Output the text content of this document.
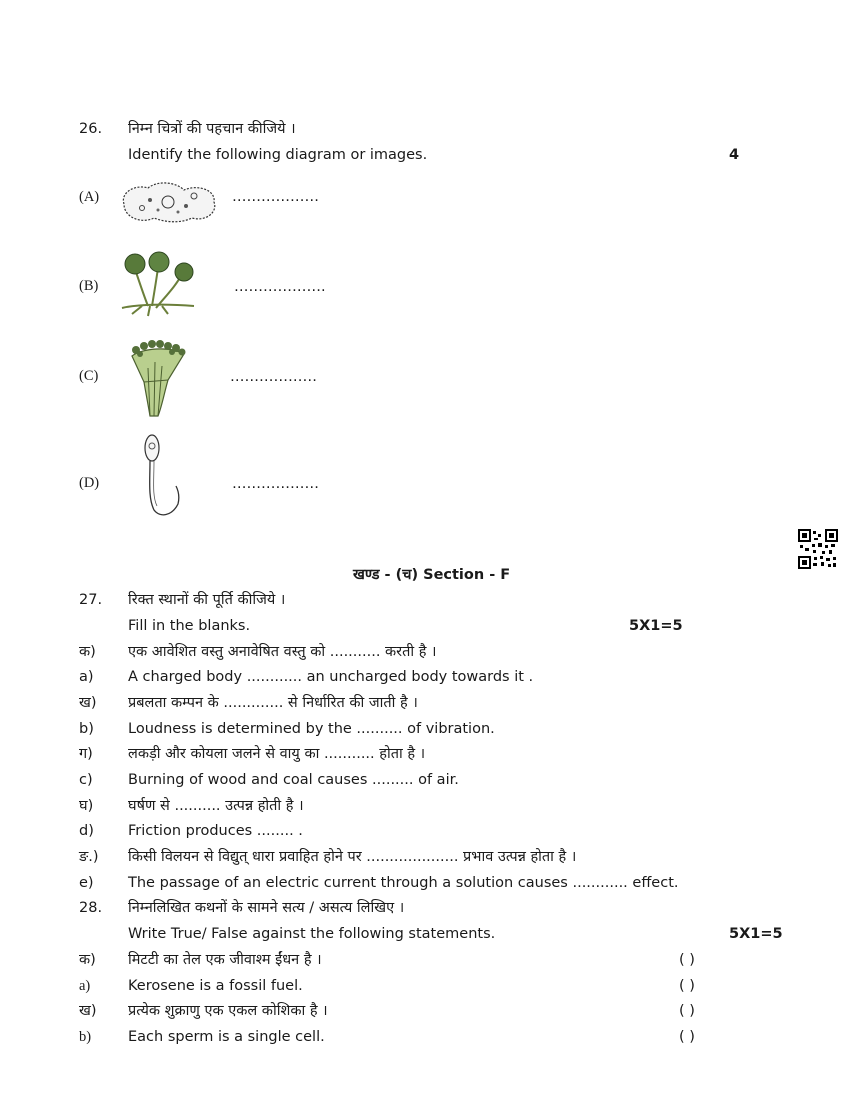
26. निम्न चित्रों की पहचान कीजिये ।
Identify the following diagram or images.	4
(A)	………………
(B)	……………….
(C)	………………
(D)	………………
खण्ड - (च) Section - F
27. रिक्त स्थानों की पूर्ति कीजिये ।
Fill in the blanks.	5X1=5
क) एक आवेशित वस्तु अनावेषित वस्तु को ........... करती है ।
a) A charged body ............ an uncharged body towards it .
ख) प्रबलता कम्पन के ............. से निर्धारित की जाती है ।
b) Loudness is determined by the .......... of vibration.
ग) लकड़ी और कोयला जलने से वायु का ........... होता है ।
c) Burning of wood and coal causes ......... of air.
घ) घर्षण से .......... उत्पन्न होती है ।
d) Friction produces ........ .
ङ.) किसी विलयन से विद्युत् धारा प्रवाहित होने पर .................... प्रभाव उत्पन्न होता है ।
e) The passage of an electric current through a solution causes ............ effect.
28. निम्नलिखित कथनों के सामने सत्य / असत्य लिखिए ।
Write True/ False against the following statements.	5X1=5
क) मिटटी का तेल एक जीवाश्म ईंधन है ।	( )
a)	Kerosene is a fossil fuel.	( )
ख) प्रत्येक शुक्राणु एक एकल कोशिका है ।	( )
b)	Each sperm is a single cell.	( )
